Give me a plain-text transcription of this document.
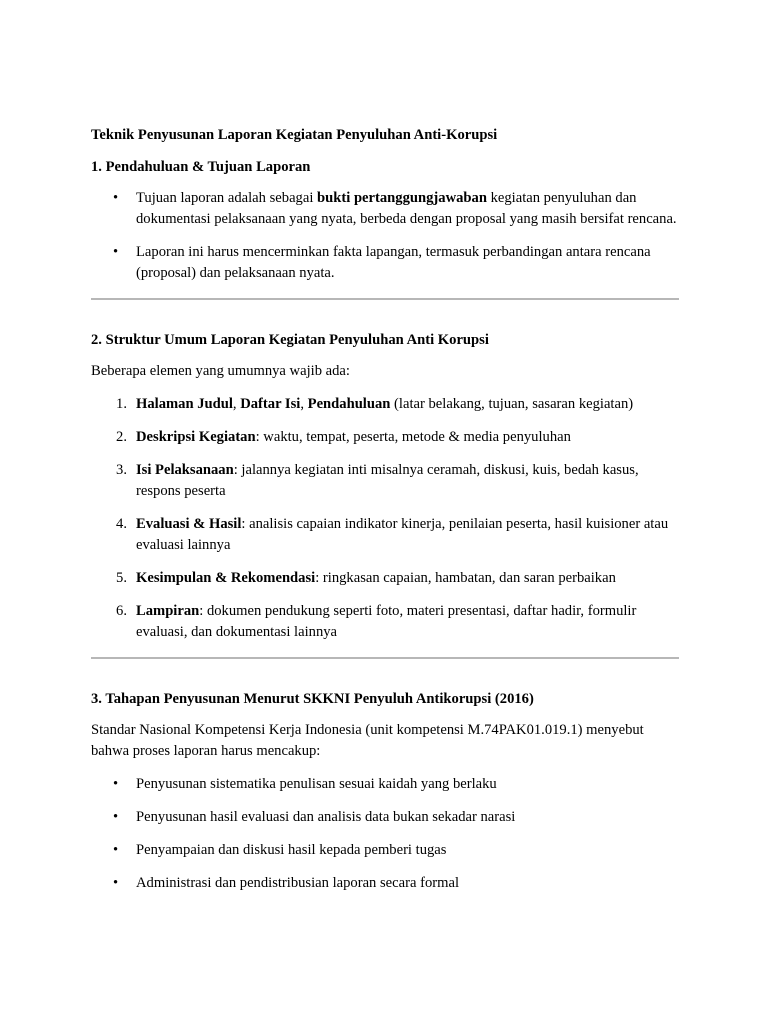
Teknik Penyusunan Laporan Kegiatan Penyuluhan Anti-Korupsi
1. Pendahuluan & Tujuan Laporan
•	Tujuan laporan adalah sebagai bukti pertanggungjawaban kegiatan penyuluhan dan dokumentasi pelaksanaan yang nyata, berbeda dengan proposal yang masih bersifat rencana.
•	Laporan ini harus mencerminkan fakta lapangan, termasuk perbandingan antara rencana (proposal) dan pelaksanaan nyata.
2. Struktur Umum Laporan Kegiatan Penyuluhan Anti Korupsi

Beberapa elemen yang umumnya wajib ada:

1. Halaman Judul, Daftar Isi, Pendahuluan (latar belakang, tujuan, sasaran kegiatan)
2. Deskripsi Kegiatan: waktu, tempat, peserta, metode & media penyuluhan
3. Isi Pelaksanaan: jalannya kegiatan inti misalnya ceramah, diskusi, kuis, bedah kasus, respons peserta
4. Evaluasi & Hasil: analisis capaian indikator kinerja, penilaian peserta, hasil kuisioner atau evaluasi lainnya
5. Kesimpulan & Rekomendasi: ringkasan capaian, hambatan, dan saran perbaikan
6. Lampiran: dokumen pendukung seperti foto, materi presentasi, daftar hadir, formulir evaluasi, dan dokumentasi lainnya
3. Tahapan Penyusunan Menurut SKKNI Penyuluh Antikorupsi (2016)

Standar Nasional Kompetensi Kerja Indonesia (unit kompetensi M.74PAK01.019.1) menyebut bahwa proses laporan harus mencakup:

•	Penyusunan sistematika penulisan sesuai kaidah yang berlaku
•	Penyusunan hasil evaluasi dan analisis data bukan sekadar narasi
•	Penyampaian dan diskusi hasil kepada pemberi tugas
•	Administrasi dan pendistribusian laporan secara formal
